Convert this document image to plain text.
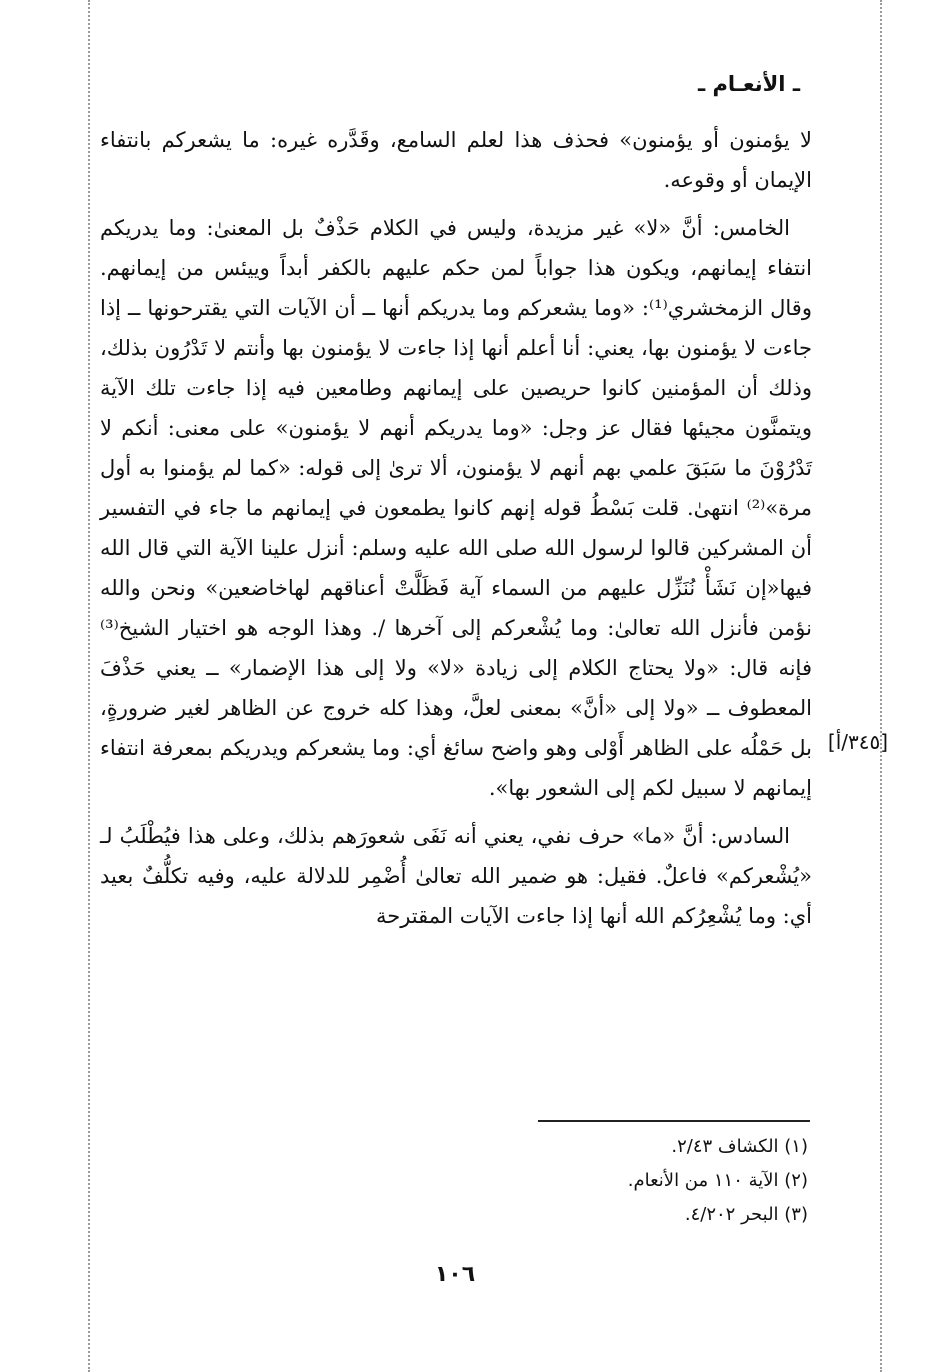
ـ الأنعـام ـ

لا يؤمنون أو يؤمنون» فحذف هذا لعلم السامع، وقَدَّره غيره: ما يشعركم بانتفاء الإيمان أو وقوعه.

الخامس: أنَّ «لا» غير مزيدة، وليس في الكلام حَذْفٌ بل المعنىٰ: وما يدريكم انتفاء إيمانهم، ويكون هذا جواباً لمن حكم عليهم بالكفر أبداً وييئس من إيمانهم. وقال الزمخشري⁽¹⁾: «وما يشعركم وما يدريكم أنها ــ أن الآيات التي يقترحونها ــ إذا جاءت لا يؤمنون بها، يعني: أنا أعلم أنها إذا جاءت لا يؤمنون بها وأنتم لا تَدْرُون بذلك، وذلك أن المؤمنين كانوا حريصين على إيمانهم وطامعين فيه إذا جاءت تلك الآية ويتمنَّون مجيئها فقال عز وجل: «وما يدريكم أنهم لا يؤمنون» على معنى: أنكم لا تَدْرُوْنَ ما سَبَقَ علمي بهم أنهم لا يؤمنون، ألا ترىٰ إلى قوله: «كما لم يؤمنوا به أول مرة»⁽²⁾ انتهىٰ. قلت بَسْطُ قوله إنهم كانوا يطمعون في إيمانهم ما جاء في التفسير أن المشركين قالوا لرسول الله صلى الله عليه وسلم: أنزل علينا الآية التي قال الله فيها«إن نَشَأْ نُنَزِّل عليهم من السماء آية فَظَلَّتْ أعناقهم لهاخاضعين» ونحن والله نؤمن فأنزل الله تعالىٰ: وما يُشْعركم إلى آخرها /. وهذا الوجه هو اختيار الشيخ⁽³⁾ فإنه قال: «ولا يحتاج الكلام إلى زيادة «لا» ولا إلى هذا الإضمار» ــ يعني حَذْفَ المعطوف ــ «ولا إلى «أنَّ» بمعنى لعلَّ، وهذا كله خروج عن الظاهر لغير ضرورةٍ، بل حَمْلُه على الظاهر أَوْلى وهو واضح سائغ أي: وما يشعركم ويدريكم بمعرفة انتفاء إيمانهم لا سبيل لكم إلى الشعور بها».

السادس: أنَّ «ما» حرف نفي، يعني أنه نَفَى شعورَهم بذلك، وعلى هذا فيُطْلَبُ لـ «يُشْعركم» فاعلٌ. فقيل: هو ضمير الله تعالىٰ أُضْمِر للدلالة عليه، وفيه تكلُّفٌ بعيد أي: وما يُشْعِرُكم الله أنها إذا جاءت الآيات المقترحة

[٣٤٥/أ]
(١) الكشاف ٢/٤٣.
(٢) الآية ١١٠ من الأنعام.
(٣) البحر ٤/٢٠٢.
١٠٦
